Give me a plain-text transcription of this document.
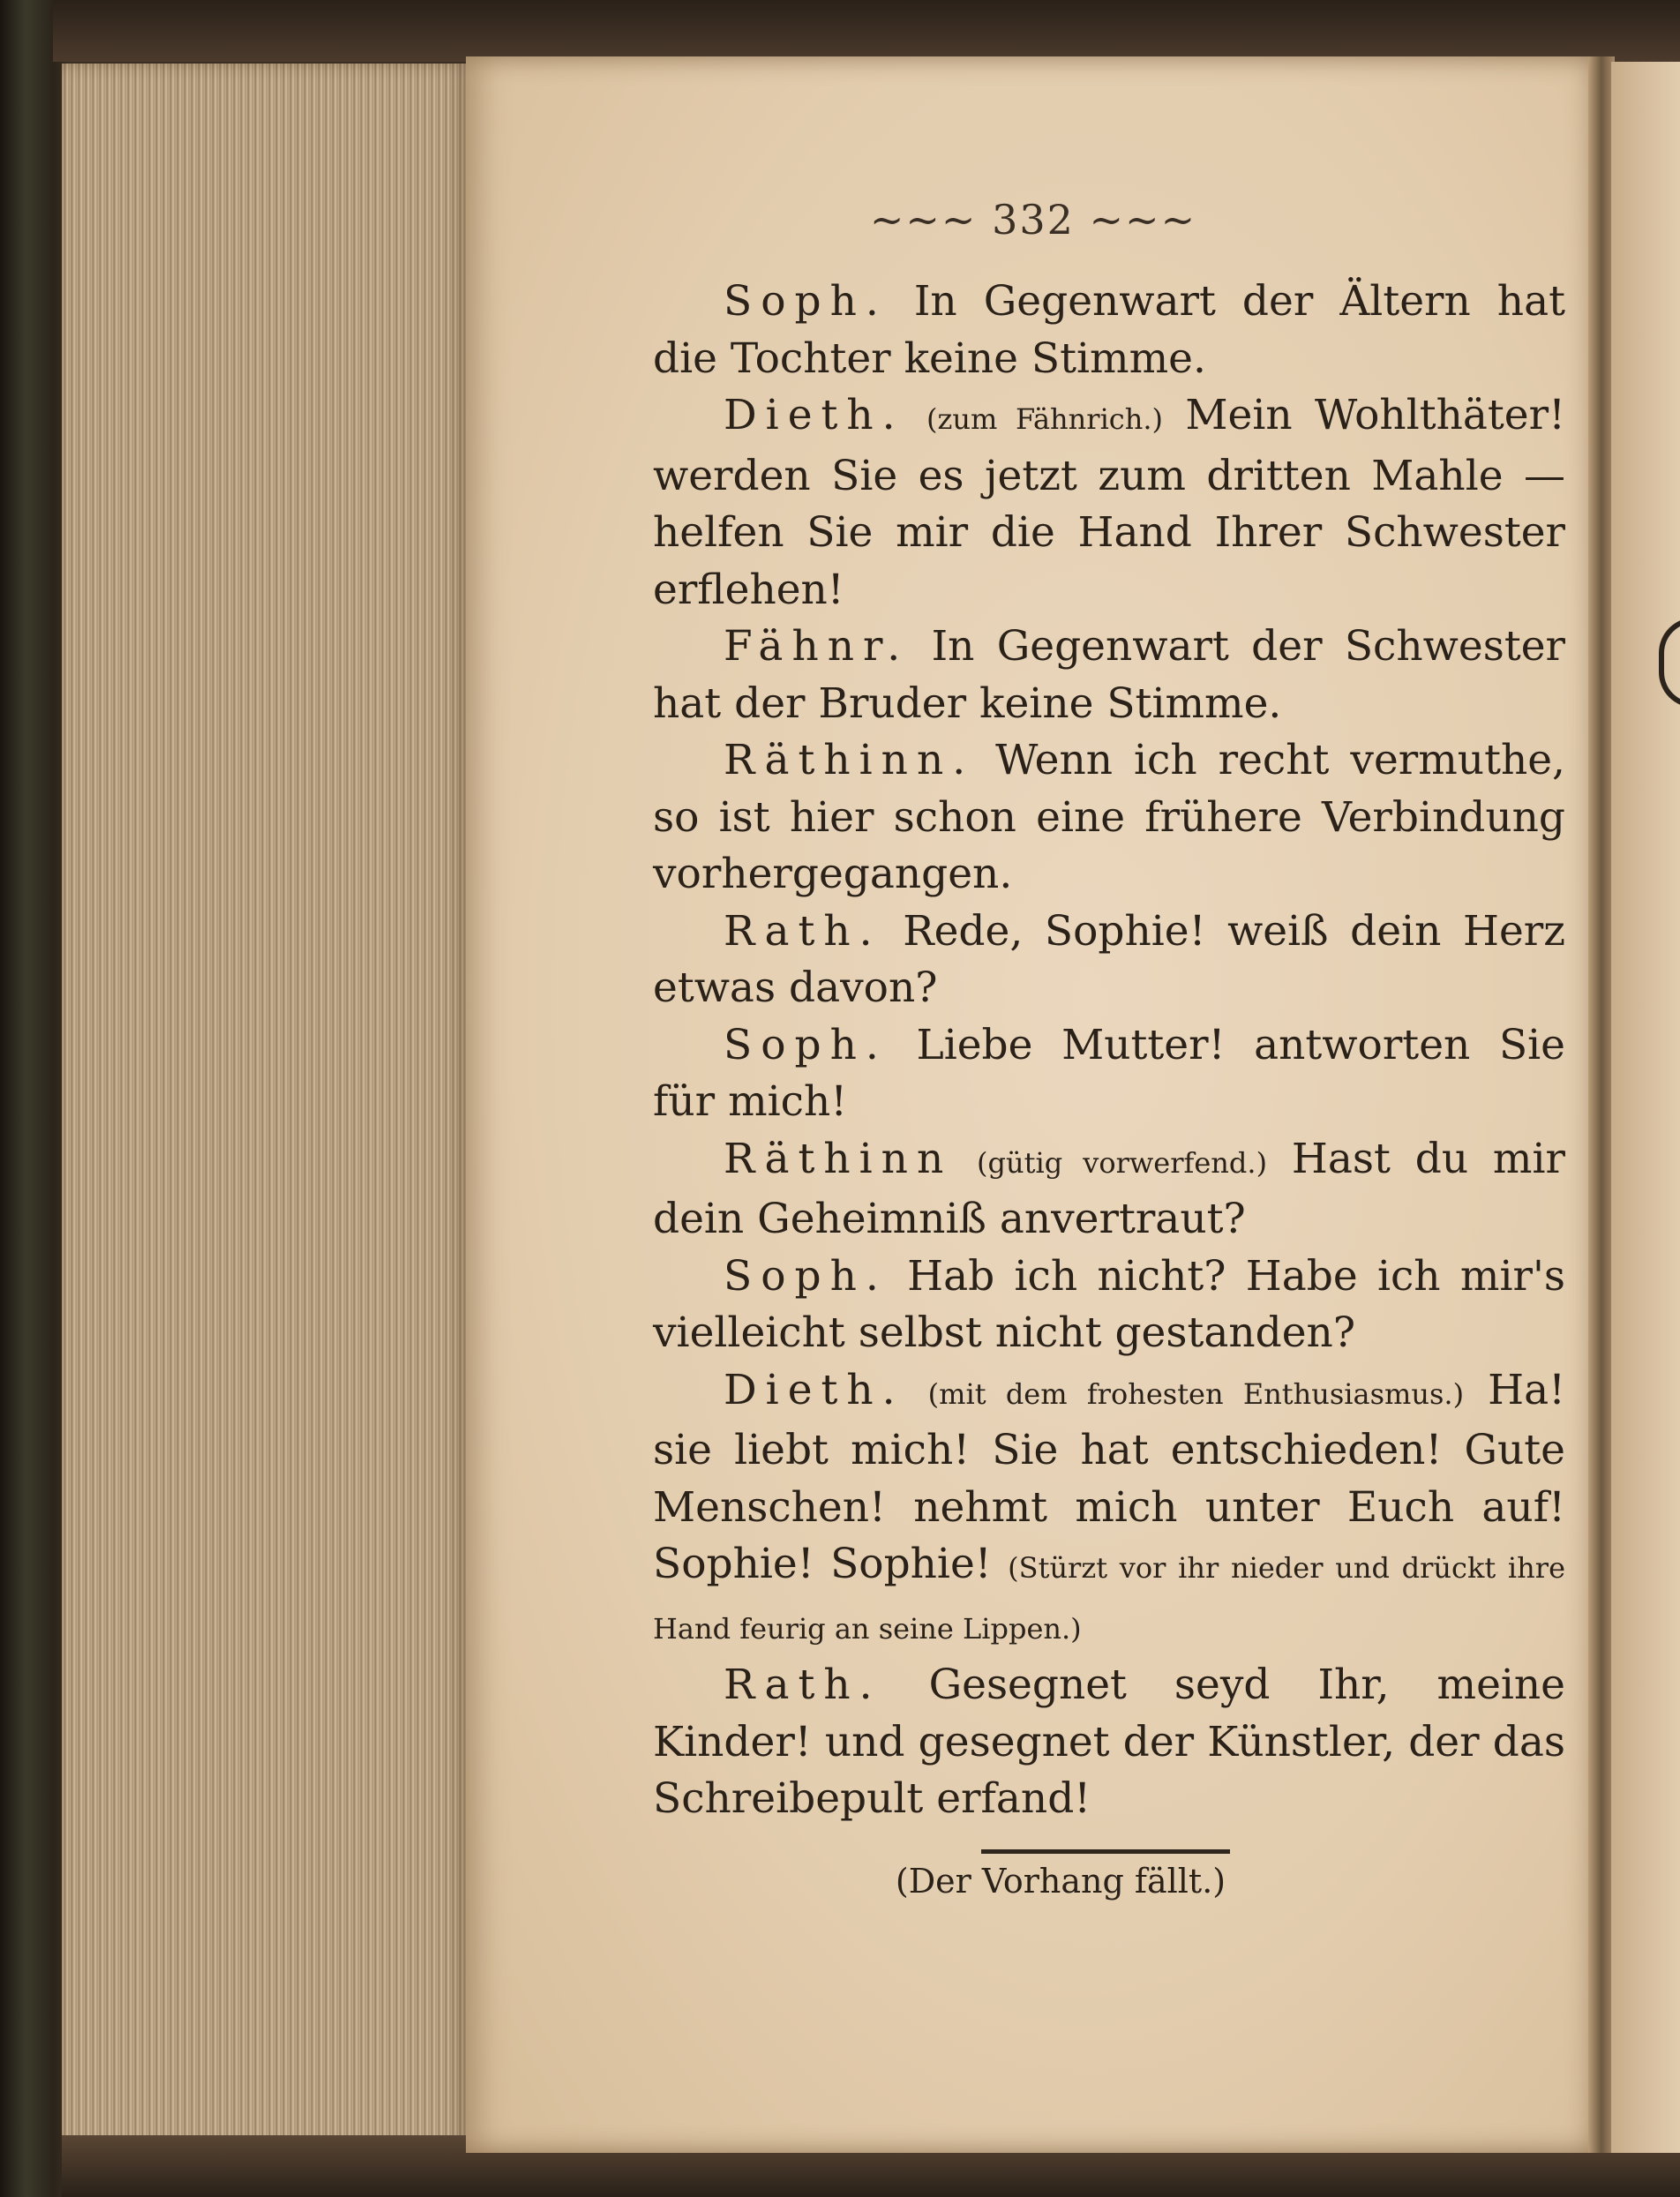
~~~ 332 ~~~

Soph. In Gegenwart der Ältern hat die Tochter keine Stimme.

Dieth. (zum Fähnrich.) Mein Wohlthäter! werden Sie es jetzt zum dritten Mahle — helfen Sie mir die Hand Ihrer Schwester erflehen!

Fähnr. In Gegenwart der Schwester hat der Bruder keine Stimme.

Räthinn. Wenn ich recht vermuthe, so ist hier schon eine frühere Verbindung vorhergegangen.

Rath. Rede, Sophie! weiß dein Herz etwas davon?

Soph. Liebe Mutter! antworten Sie für mich!

Räthinn (gütig vorwerfend.) Hast du mir dein Geheimniß anvertraut?

Soph. Hab ich nicht? Habe ich mir's vielleicht selbst nicht gestanden?

Dieth. (mit dem frohesten Enthusiasmus.) Ha! sie liebt mich! Sie hat entschieden! Gute Menschen! nehmt mich unter Euch auf! Sophie! Sophie! (Stürzt vor ihr nieder und drückt ihre Hand feurig an seine Lippen.)

Rath. Gesegnet seyd Ihr, meine Kinder! und gesegnet der Künstler, der das Schreibepult erfand!

(Der Vorhang fällt.)
